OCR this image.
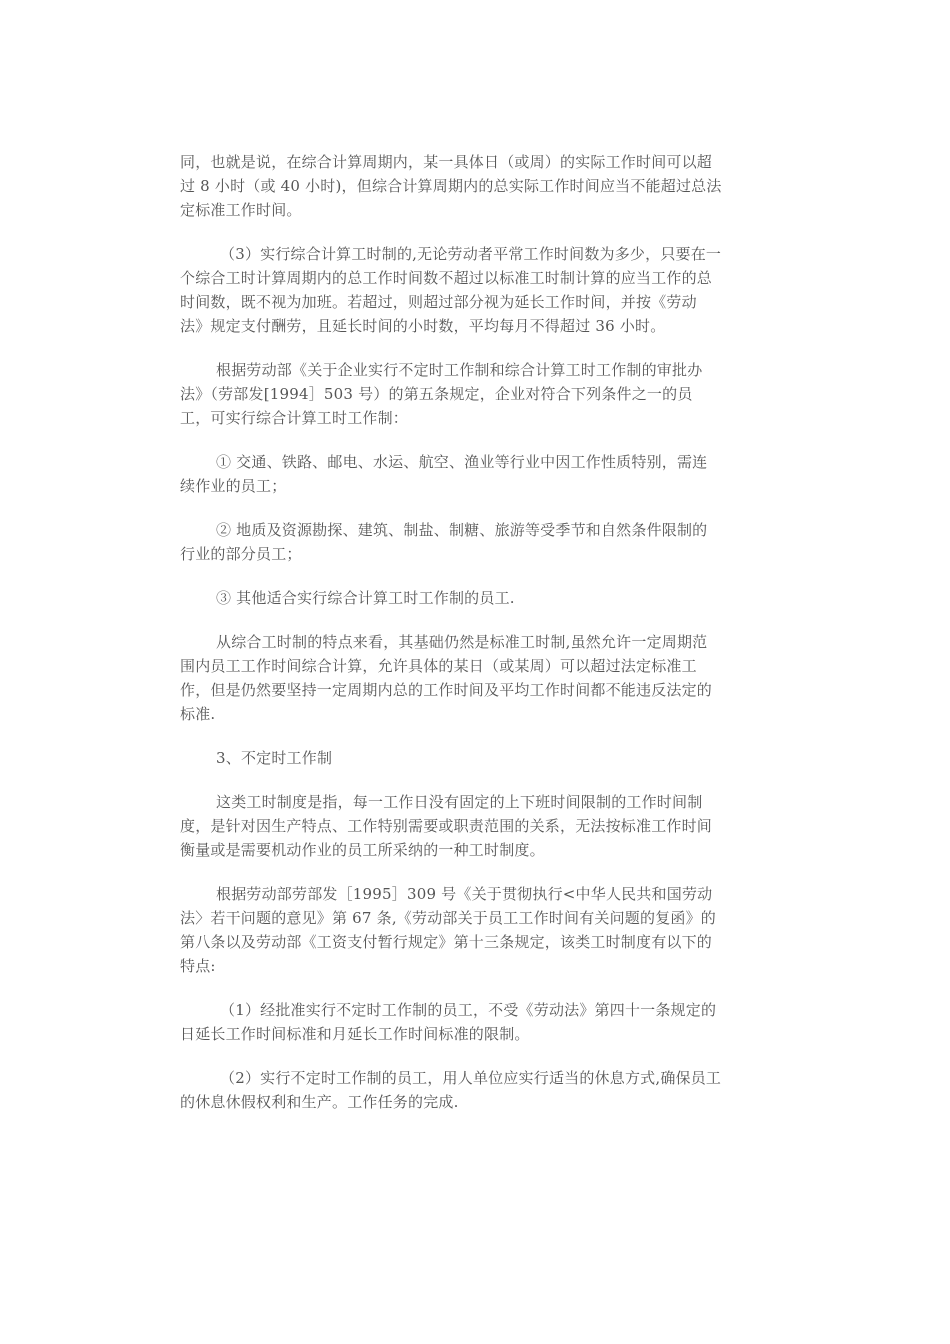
同，也就是说，在综合计算周期内，某一具体日（或周）的实际工作时间可以超
过 8 小时（或 40 小时)，但综合计算周期内的总实际工作时间应当不能超过总法
定标准工作时间。

（3）实行综合计算工时制的,无论劳动者平常工作时间数为多少，只要在一
个综合工时计算周期内的总工作时间数不超过以标准工时制计算的应当工作的总
时间数，既不视为加班。若超过，则超过部分视为延长工作时间，并按《劳动
法》规定支付酬劳，且延长时间的小时数，平均每月不得超过 36 小时。

根据劳动部《关于企业实行不定时工作制和综合计算工时工作制的审批办
法》（劳部发[1994］503 号）的第五条规定，企业对符合下列条件之一的员
工，可实行综合计算工时工作制：

① 交通、铁路、邮电、水运、航空、渔业等行业中因工作性质特别，需连
续作业的员工；

② 地质及资源勘探、建筑、制盐、制糖、旅游等受季节和自然条件限制的
行业的部分员工；

③ 其他适合实行综合计算工时工作制的员工.

从综合工时制的特点来看，其基础仍然是标准工时制,虽然允许一定周期范
围内员工工作时间综合计算，允许具体的某日（或某周）可以超过法定标准工
作，但是仍然要坚持一定周期内总的工作时间及平均工作时间都不能违反法定的
标准.

3、不定时工作制

这类工时制度是指，每一工作日没有固定的上下班时间限制的工作时间制
度，是针对因生产特点、工作特别需要或职责范围的关系，无法按标准工作时间
衡量或是需要机动作业的员工所采纳的一种工时制度。

根据劳动部劳部发［1995］309 号《关于贯彻执行<中华人民共和国劳动
法〉若干问题的意见》第 67 条,《劳动部关于员工工作时间有关问题的复函》的
第八条以及劳动部《工资支付暂行规定》第十三条规定，该类工时制度有以下的
特点:

（1）经批准实行不定时工作制的员工，不受《劳动法》第四十一条规定的
日延长工作时间标准和月延长工作时间标准的限制。

（2）实行不定时工作制的员工，用人单位应实行适当的休息方式,确保员工
的休息休假权利和生产。工作任务的完成.
